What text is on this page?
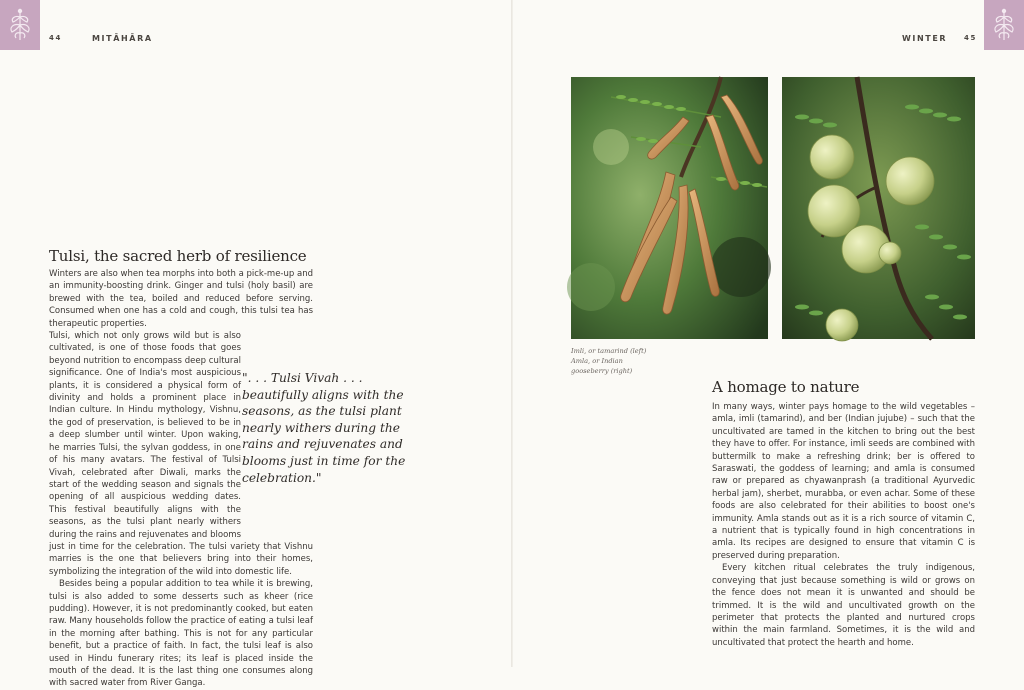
44	MITĀHĀRA	WINTER 45
Tulsi, the sacred herb of resilience

Winters are also when tea morphs into both a pick-me-up and an immunity-boosting drink. Ginger and tulsi (holy basil) are brewed with the tea, boiled and reduced before serving. Consumed when one has a cold and cough, this tulsi tea has therapeutic properties.

Tulsi, which not only grows wild but is also cultivated, is one of those foods that goes beyond nutrition to encompass deep cultural significance. One of India's most auspicious plants, it is considered a physical form of divinity and holds a prominent place in Indian culture. In Hindu mythology, Vishnu, the god of preservation, is believed to be in a deep slumber until winter. Upon waking, he marries Tulsi, the sylvan goddess, in one of his many avatars. The festival of Tulsi Vivah, celebrated after Diwali, marks the start of the wedding season and signals the opening of all auspicious wedding dates. This festival beautifully aligns with the seasons, as the tulsi plant nearly withers during the rains and rejuvenates and blooms just in time for the celebration. The tulsi variety that Vishnu marries is the one that believers bring into their homes, symbolizing the integration of the wild into domestic life.

Besides being a popular addition to tea while it is brewing, tulsi is also added to some desserts such as kheer (rice pudding). However, it is not predominantly cooked, but eaten raw. Many households follow the practice of eating a tulsi leaf in the morning after bathing. This is not for any particular benefit, but a practice of faith. In fact, the tulsi leaf is also used in Hindu funerary rites; its leaf is placed inside the mouth of the dead. It is the last thing one consumes along with sacred water from River Ganga.

". . . Tulsi Vivah . . . beautifully aligns with the seasons, as the tulsi plant nearly withers during the rains and rejuvenates and blooms just in time for the celebration."
Imli, or tamarind (left) Amla, or Indian gooseberry (right)
A homage to nature

In many ways, winter pays homage to the wild vegetables – amla, imli (tamarind), and ber (Indian jujube) – such that the uncultivated are tamed in the kitchen to bring out the best they have to offer. For instance, imli seeds are combined with buttermilk to make a refreshing drink; ber is offered to Saraswati, the goddess of learning; and amla is consumed raw or prepared as chyawanprash (a traditional Ayurvedic herbal jam), sherbet, murabba, or even achar. Some of these foods are also celebrated for their abilities to boost one's immunity. Amla stands out as it is a rich source of vitamin C, a nutrient that is typically found in high concentrations in amla. Its recipes are designed to ensure that vitamin C is preserved during preparation.

Every kitchen ritual celebrates the truly indigenous, conveying that just because something is wild or grows on the fence does not mean it is unwanted and should be trimmed. It is the wild and uncultivated growth on the perimeter that protects the planted and nurtured crops within the main farmland. Sometimes, it is the wild and uncultivated that protect the hearth and home.
